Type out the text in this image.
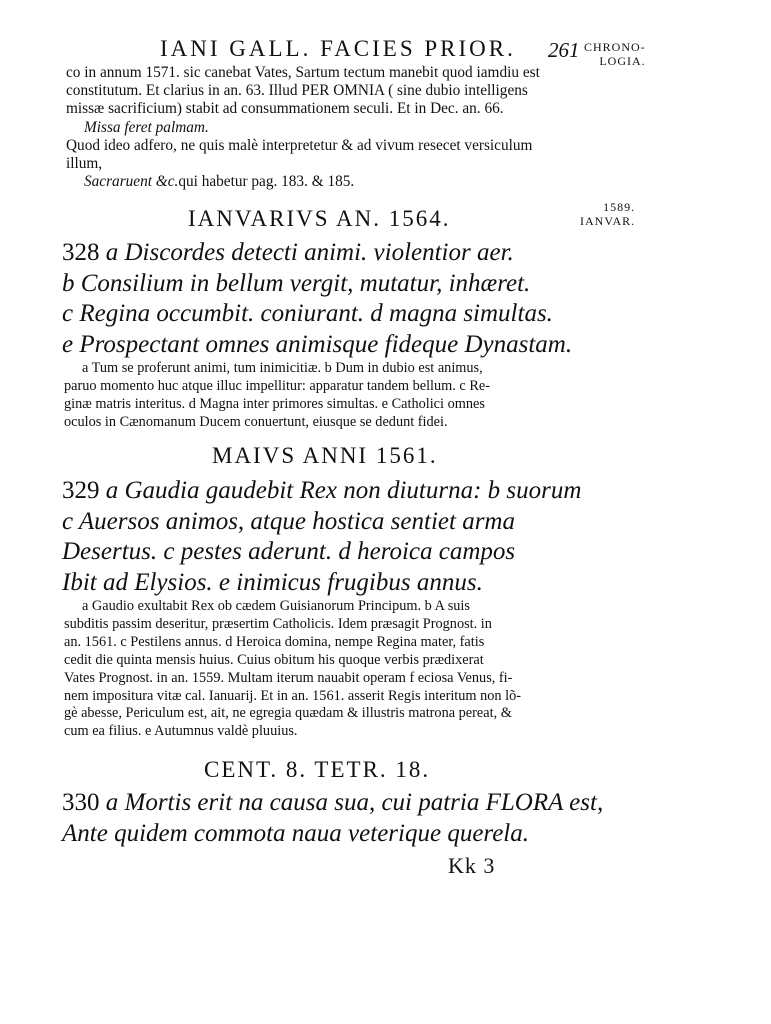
IANI GALL. FACIES PRIOR. 261 CHRONO-
LOGIA.
co in annum 1571. sic canebat Vates, Sartum tectum manebit quod iamdiu est
constitutum. Et clarius in an. 63. Illud PER OMNIA ( sine dubio intelligens
missæ sacrificium) stabit ad consummationem seculi. Et in Dec. an. 66.
Missa feret palmam.
Quod ideo adfero, ne quis malè interpretetur & ad vivum resecet versiculum
illum,
Sacraruent &c.qui habetur pag. 183. & 185.
IANVARIVS AN. 1564.	1589.
IANVAR.
328 a Discordes detecti animi. violentior aer.
b Consilium in bellum vergit, mutatur, inhæret.
c Regina occumbit. coniurant. d magna simultas.
e Prospectant omnes animisque fideque Dynastam.
a Tum se proferunt animi, tum inimicitiæ. b Dum in dubio est animus,
paruo momento huc atque illuc impellitur: apparatur tandem bellum. c Re-
ginæ matris interitus. d Magna inter primores simultas. e Catholici omnes
oculos in Cænomanum Ducem conuertunt, eiusque se dedunt fidei.
MAIVS ANNI 1561.
329 a Gaudia gaudebit Rex non diuturna: b suorum
c Auersos animos, atque hostica sentiet arma
Desertus. c pestes aderunt. d heroica campos
Ibit ad Elysios. e inimicus frugibus annus.
a Gaudio exultabit Rex ob cædem Guisianorum Principum. b A suis
subditis passim deseritur, præsertim Catholicis. Idem præsagit Prognost. in
an. 1561. c Pestilens annus. d Heroica domina, nempe Regina mater, fatis
cedit die quinta mensis huius. Cuius obitum his quoque verbis prædixerat
Vates Prognost. in an. 1559. Multam iterum nauabit operam f eciosa Venus, fi-
nem impositura vitæ cal. Ianuarij. Et in an. 1561. asserit Regis interitum non lõ-
gè abesse, Periculum est, ait, ne egregia quædam & illustris matrona pereat, &
cum ea filius. e Autumnus valdè pluuius.
CENT. 8. TETR. 18.
330 a Mortis erit na causa sua, cui patria FLORA est,
Ante quidem commota naua veterique querela.
Kk 3
